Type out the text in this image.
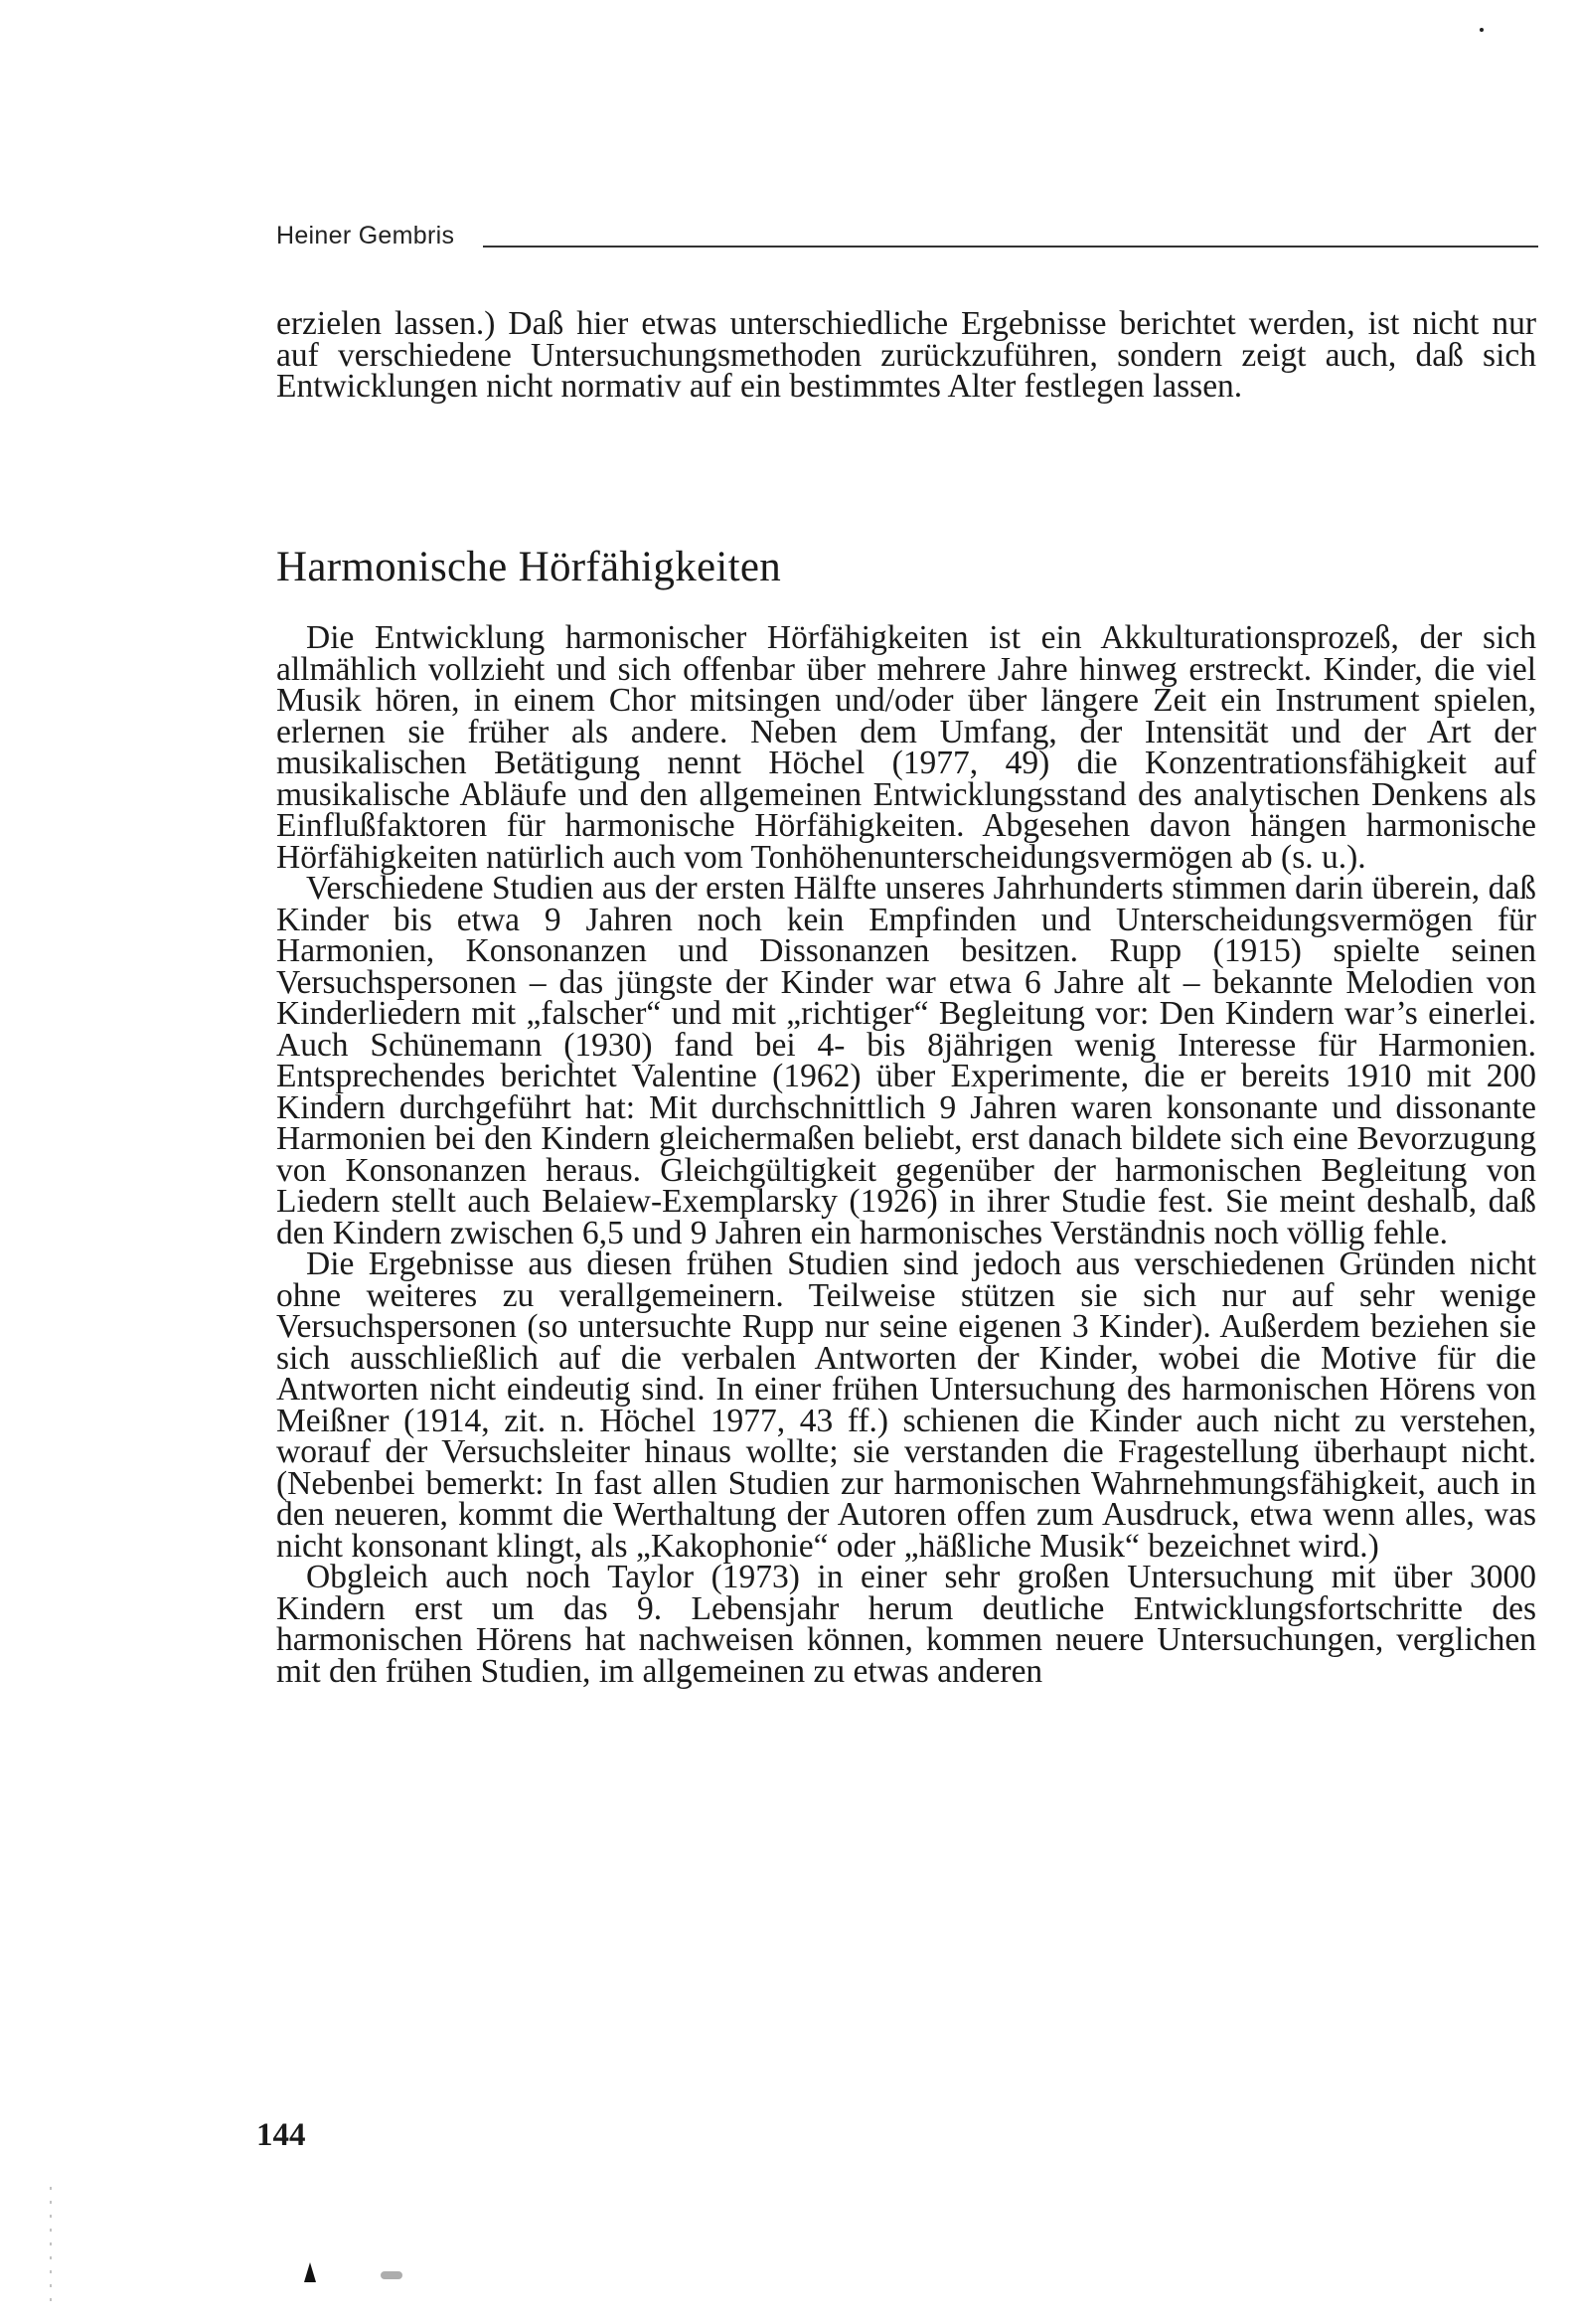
Heiner Gembris

erzielen lassen.) Daß hier etwas unterschiedliche Ergebnisse berichtet werden, ist nicht nur auf verschiedene Untersuchungsmethoden zurückzuführen, sondern zeigt auch, daß sich Entwicklungen nicht normativ auf ein bestimmtes Alter festlegen lassen.

Harmonische Hörfähigkeiten

Die Entwicklung harmonischer Hörfähigkeiten ist ein Akkulturationsprozeß, der sich allmählich vollzieht und sich offenbar über mehrere Jahre hinweg erstreckt. Kinder, die viel Musik hören, in einem Chor mitsingen und/oder über längere Zeit ein Instrument spielen, erlernen sie früher als andere. Neben dem Umfang, der Intensität und der Art der musikalischen Betätigung nennt Höchel (1977, 49) die Konzentrationsfähigkeit auf musikalische Abläufe und den allgemeinen Entwicklungsstand des analytischen Denkens als Einflußfaktoren für harmonische Hörfähigkeiten. Abgesehen davon hängen harmonische Hörfähigkeiten natürlich auch vom Tonhöhenunterscheidungsvermögen ab (s. u.).

Verschiedene Studien aus der ersten Hälfte unseres Jahrhunderts stimmen darin überein, daß Kinder bis etwa 9 Jahren noch kein Empfinden und Unterscheidungsvermögen für Harmonien, Konsonanzen und Dissonanzen besitzen. Rupp (1915) spielte seinen Versuchspersonen – das jüngste der Kinder war etwa 6 Jahre alt – bekannte Melodien von Kinderliedern mit „falscher“ und mit „richtiger“ Begleitung vor: Den Kindern war’s einerlei. Auch Schünemann (1930) fand bei 4- bis 8jährigen wenig Interesse für Harmonien. Entsprechendes berichtet Valentine (1962) über Experimente, die er bereits 1910 mit 200 Kindern durchgeführt hat: Mit durchschnittlich 9 Jahren waren konsonante und dissonante Harmonien bei den Kindern gleichermaßen beliebt, erst danach bildete sich eine Bevorzugung von Konsonanzen heraus. Gleichgültigkeit gegenüber der harmonischen Begleitung von Liedern stellt auch Belaiew-Exemplarsky (1926) in ihrer Studie fest. Sie meint deshalb, daß den Kindern zwischen 6,5 und 9 Jahren ein harmonisches Verständnis noch völlig fehle.

Die Ergebnisse aus diesen frühen Studien sind jedoch aus verschiedenen Gründen nicht ohne weiteres zu verallgemeinern. Teilweise stützen sie sich nur auf sehr wenige Versuchspersonen (so untersuchte Rupp nur seine eigenen 3 Kinder). Außerdem beziehen sie sich ausschließlich auf die verbalen Antworten der Kinder, wobei die Motive für die Antworten nicht eindeutig sind. In einer frühen Untersuchung des harmonischen Hörens von Meißner (1914, zit. n. Höchel 1977, 43 ff.) schienen die Kinder auch nicht zu verstehen, worauf der Versuchsleiter hinaus wollte; sie verstanden die Fragestellung überhaupt nicht. (Nebenbei bemerkt: In fast allen Studien zur harmonischen Wahrnehmungsfähigkeit, auch in den neueren, kommt die Werthaltung der Autoren offen zum Ausdruck, etwa wenn alles, was nicht konsonant klingt, als „Kakophonie“ oder „häßliche Musik“ bezeichnet wird.)

Obgleich auch noch Taylor (1973) in einer sehr großen Untersuchung mit über 3000 Kindern erst um das 9. Lebensjahr herum deutliche Entwicklungsfortschritte des harmonischen Hörens hat nachweisen können, kommen neuere Untersuchungen, verglichen mit den frühen Studien, im allgemeinen zu etwas anderen

144
